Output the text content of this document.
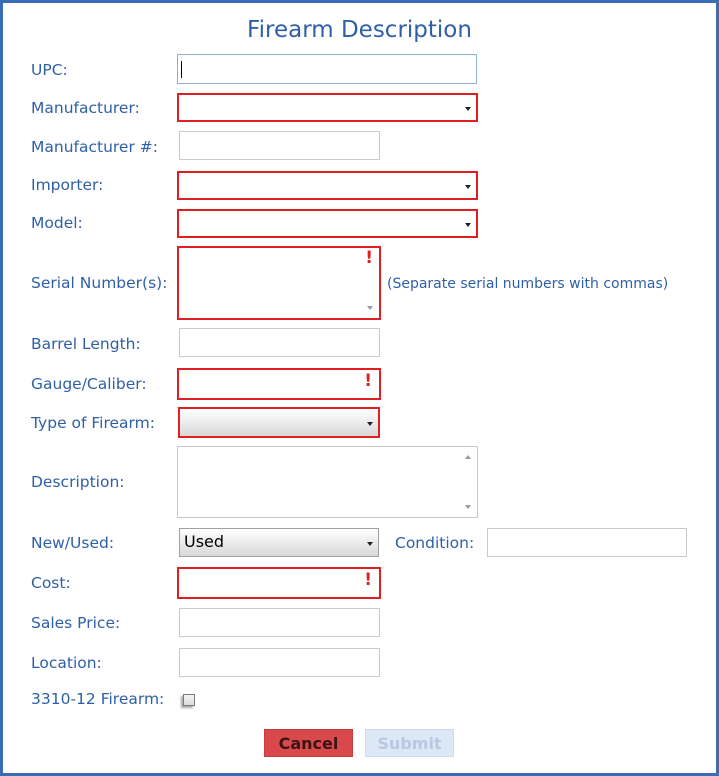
Firearm Description
UPC:
Manufacturer:
Manufacturer #:
Importer:
Model:
Serial Number(s):
!
(Separate serial numbers with commas)
Barrel Length:
Gauge/Caliber:	!
Type of Firearm:
Description:
New/Used:	Used	Condition:
Cost:	!
Sales Price:
Location:
3310-12 Firearm:
Cancel	Submit
